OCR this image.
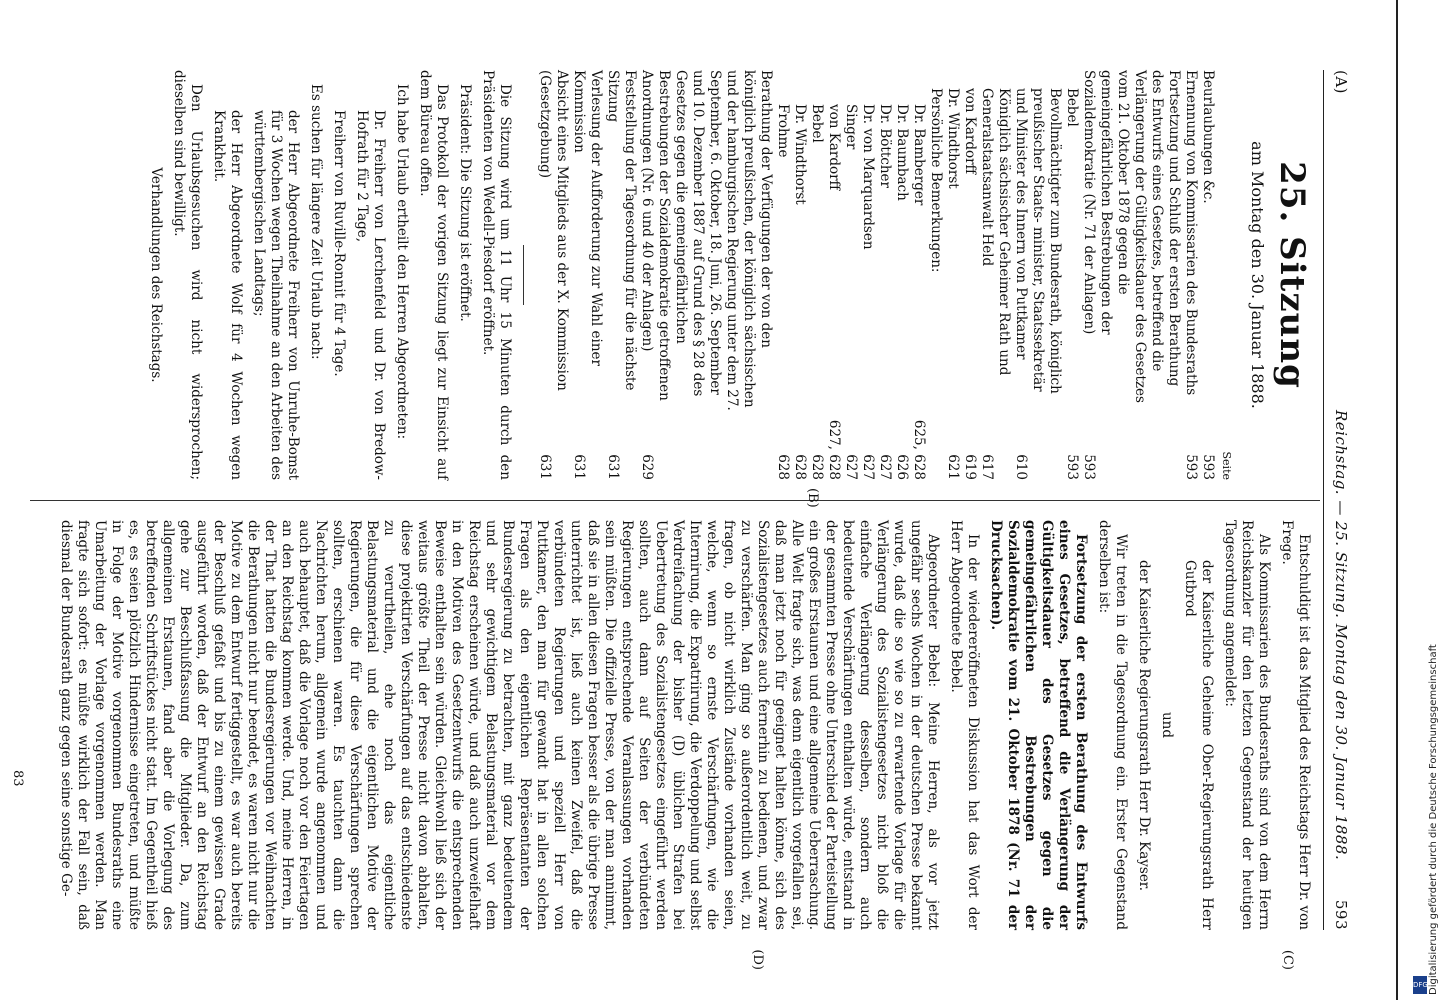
(A)
Reichstag. — 25. Sitzung. Montag den 30. Januar 1888.
593
25. Sitzung
am Montag den 30. Januar 1888.
Seite
Beurlaubungen &c.
593
Ernennung von Kommissarien des Bundesraths
593
Fortsetzung und Schluß der ersten Berathung des Entwurfs eines Gesetzes, betreffend die Verlängerung der Gültigkeitsdauer des Gesetzes vom 21. Oktober 1878 gegen die gemeingefährlichen Bestrebungen der Sozialdemokratie (Nr. 71 der Anlagen)
593
Bebel
593
Bevollmächtigter zum Bundesrath, königlich preußischer Staats- minister, Staatssekretär und Minister des Innern von Puttkamer
610
Königlich sächsischer Geheimer Rath und Generalstaatsanwalt Held
617
von Kardorff
619
Dr. Windthorst
621
Persönliche Bemerkungen:
Dr. Bamberger
625, 628
Dr. Baumbach
626
Dr. Böttcher
627
Dr. von Marquardsen
627
Singer
627
von Kardorff
627, 628
Bebel
628
Dr. Windthorst
628
Frohme
628
Berathung der Verfügungen der von den königlich preußischen, der königlich sächsischen und der hamburgischen Regierung unter dem 27. September, 6. Oktober, 18. Juni, 26. September und 10. Dezember 1887 auf Grund des § 28 des Gesetzes gegen die gemeingefährlichen Bestrebungen der Sozialdemokratie getroffenen Anordnungen (Nr. 6 und 40 der Anlagen)
629
Feststellung der Tagesordnung für die nächste Sitzung
631
Verlesung der Aufforderung zur Wahl einer Kommission
631
Absicht eines Mitglieds aus der X. Kommission (Gesetzgebung)
631

Die Sitzung wird um 11 Uhr 15 Minuten durch den Präsidenten von Wedell-Piesdorf eröffnet.

Präsident: Die Sitzung ist eröffnet.

Das Protokoll der vorigen Sitzung liegt zur Einsicht auf dem Büreau offen.

Ich habe Urlaub ertheilt den Herren Abgeordneten:

Dr. Freiherr von Lerchenfeld und Dr. von Bredow-Hofrath für 2 Tage,

Freiherr von Ruville-Ronnit für 4 Tage.

Es suchen für längere Zeit Urlaub nach:

der Herr Abgeordnete Freiherr von Unruhe-Bomst für 3 Wochen wegen Theilnahme an den Arbeiten des württembergischen Landtags;

der Herr Abgeordnete Wolf für 4 Wochen wegen Krankheit.

Den Urlaubsgesuchen wird nicht widersprochen; dieselben sind bewilligt.

Verhandlungen des Reichstags.

(B)

Entschuldigt ist das Mitglied des Reichstags Herr Dr. von Frege.

Als Kommissarien des Bundesraths sind von dem Herrn Reichskanzler für den letzten Gegenstand der heutigen Tagesordnung angemeldet:

der Kaiserliche Geheime Ober-Regierungsrath Herr Gutbrod

und

der Kaiserliche Regierungsrath Herr Dr. Kayser.

Wir treten in die Tagesordnung ein. Erster Gegenstand derselben ist:

Fortsetzung der ersten Berathung des Entwurfs eines Gesetzes, betreffend die Verlängerung der Gültigkeitsdauer des Gesetzes gegen die gemeingefährlichen Bestrebungen der Sozialdemokratie vom 21. Oktober 1878 (Nr. 71 der Drucksachen).

In der wiedereröffneten Diskussion hat das Wort der Herr Abgeordnete Bebel.

Abgeordneter Bebel: Meine Herren, als vor jetzt ungefähr sechs Wochen in der deutschen Presse bekannt wurde, daß die so wie so zu erwartende Vorlage für die Verlängerung des Sozialistengesetzes nicht bloß die einfache Verlängerung desselben, sondern auch bedeutende Verschärfungen enthalten würde, entstand in der gesammten Presse ohne Unterschied der Parteistellung ein großes Erstaunen und eine allgemeine Ueberraschung. Alle Welt fragte sich, was denn eigentlich vorgefallen sei, daß man jetzt noch für geeignet halten könne, sich des Sozialistengesetzes auch fernerhin zu bedienen, und zwar zu verschärfen. Man ging so außerordentlich weit, zu fragen, ob nicht wirklich Zustände vorhanden seien, welche, wenn so ernste Verschärfungen, wie die Internirung, die Expatriirung, die Verdoppelung und selbst Verdreifachung der bisher (D) üblichen Strafen bei Uebertretung des Sozialistengesetzes eingeführt werden sollten, auch dann auf Seiten der verbündeten Regierungen entsprechende Veranlassungen vorhanden sein müßten. Die offizielle Presse, von der man annimmt, daß sie in allen diesen Fragen besser als die übrige Presse unterrichtet ist, ließ auch keinen Zweifel, daß die verbündeten Regierungen und speziell Herr von Puttkamer, den man für gewandt hat in allen solchen Fragen als den eigentlichen Repräsentanten der Bundesregierung zu betrachten, mit ganz bedeutendem und sehr gewichtigem Belastungsmaterial vor dem Reichstag erscheinen würde, und daß auch unzweifelhaft in den Motiven des Gesetzentwurfs die entsprechenden Beweise enthalten sein würden. Gleichwohl ließ sich der weitaus größte Theil der Presse nicht davon abhalten, diese projektirten Verschärfungen auf das entschiedenste zu verurtheilen, ehe noch das eigentliche Belastungsmaterial und die eigentlichen Motive der Regierungen, die für diese Verschärfungen sprechen sollten, erschienen waren. Es tauchten dann die Nachrichten herum, allgemein wurde angenommen und auch behauptet, daß die Vorlage noch vor den Feiertagen an den Reichstag kommen werde. Und, meine Herren, in der That hatten die Bundesregierungen vor Weihnachten die Berathungen nicht nur beendet, es waren nicht nur die Motive zu dem Entwurf fertiggestellt, es war auch bereits der Beschluß gefaßt und bis zu einem gewissen Grade ausgeführt worden, daß der Entwurf an den Reichstag gehe zur Beschlußfassung die Mitglieder. Da, zum allgemeinen Erstaunen, fand aber die Vorlegung des betreffenden Schriftstückes nicht statt. Im Gegentheil hieß es, es seien plötzlich Hindernisse eingetreten, und müßte in Folge der Motive vorgenommen Bundesraths eine Umarbeitung der Vorlage vorgenommen werden. Man fragte sich sofort: es müßte wirklich der Fall sein, daß diesmal der Bundesrath ganz gegen seine sonstige Ge-

(C)
(D)
83	Digitalisierung gefördert durch die Deutsche Forschungsgemeinschaft
DFG
